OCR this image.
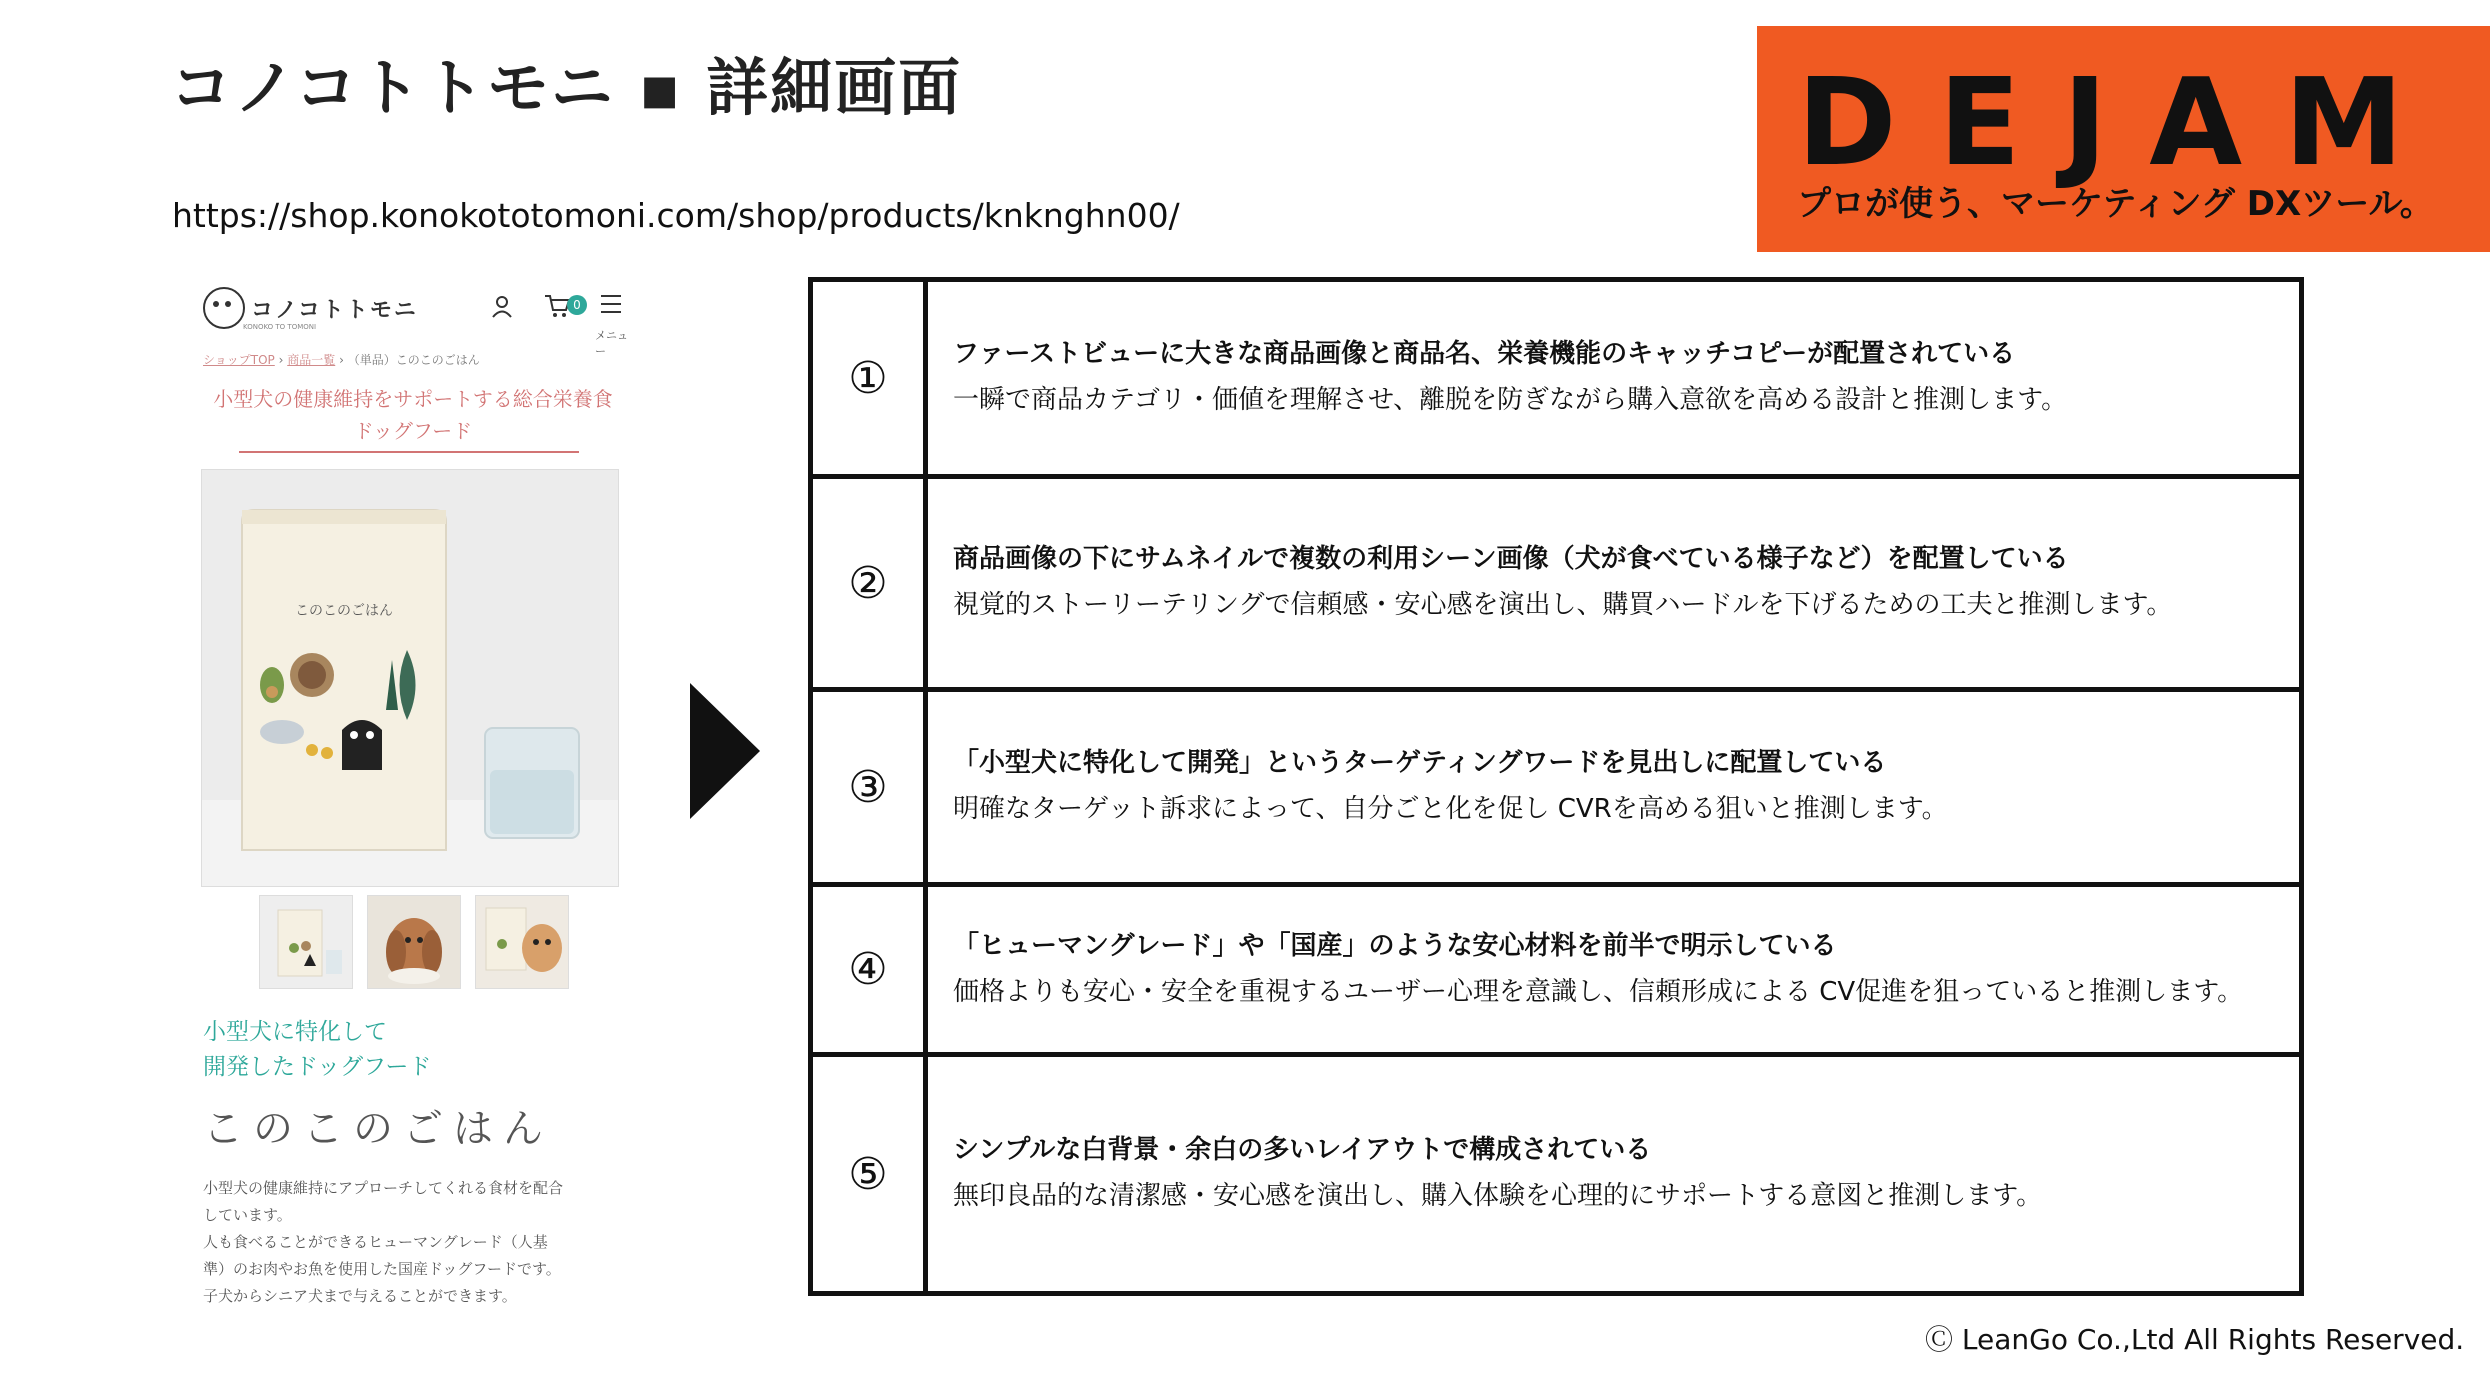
コノコトトモニ ▪ 詳細画面
https://shop.konokototomoni.com/shop/products/knknghn00/
DEJAM
プロが使う、マーケティング DXツール。
コノコトトモニ
KONOKO TO TOMONI
0
メニュー
ショップTOP › 商品一覧 › （単品）このこのごはん
小型犬の健康維持をサポートする総合栄養食
ドッグフード
このこのごはん
小型犬に特化して
開発したドッグフード
このこのごはん
小型犬の健康維持にアプローチしてくれる食材を配合
しています。
人も食べることができるヒューマングレード（人基
準）のお肉やお魚を使用した国産ドッグフードです。
子犬からシニア犬まで与えることができます。
①	ファーストビューに大きな商品画像と商品名、栄養機能のキャッチコピーが配置されている
一瞬で商品カテゴリ・価値を理解させ、離脱を防ぎながら購入意欲を高める設計と推測します。
②	商品画像の下にサムネイルで複数の利用シーン画像（犬が食べている様子など）を配置している
視覚的ストーリーテリングで信頼感・安心感を演出し、購買ハードルを下げるための工夫と推測します。
③	「小型犬に特化して開発」というターゲティングワードを見出しに配置している
明確なターゲット訴求によって、自分ごと化を促し CVRを高める狙いと推測します。
④	「ヒューマングレード」や「国産」のような安心材料を前半で明示している
価格よりも安心・安全を重視するユーザー心理を意識し、信頼形成による CV促進を狙っていると推測します。
⑤	シンプルな白背景・余白の多いレイアウトで構成されている
無印良品的な清潔感・安心感を演出し、購入体験を心理的にサポートする意図と推測します。
Ⓒ LeanGo Co.,Ltd All Rights Reserved.
